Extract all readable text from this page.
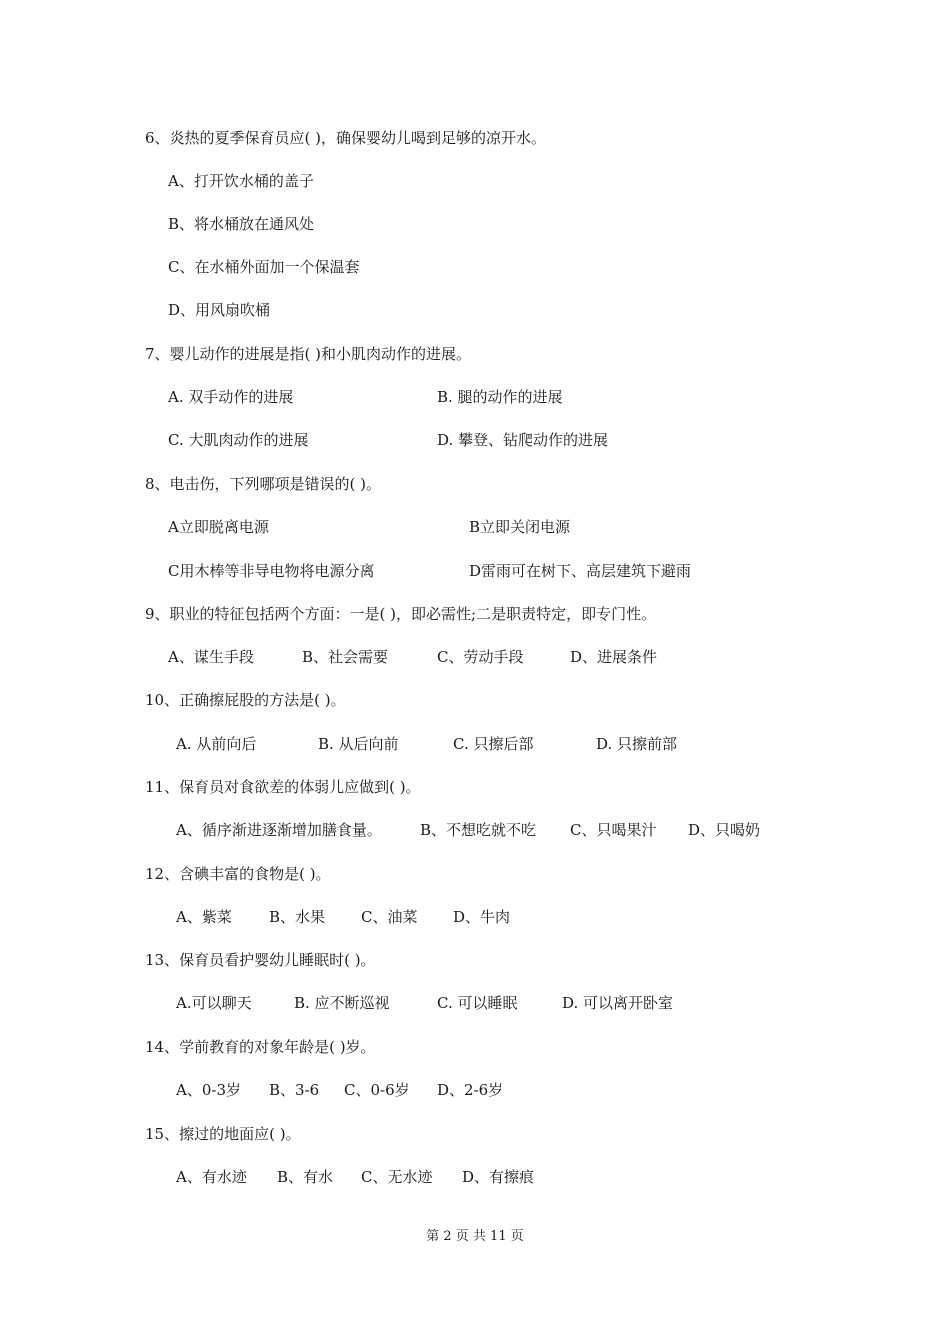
6、炎热的夏季保育员应( )，确保婴幼儿喝到足够的凉开水。
A、打开饮水桶的盖子
B、将水桶放在通风处
C、在水桶外面加一个保温套
D、用风扇吹桶
7、婴儿动作的进展是指( )和小肌肉动作的进展。
A. 双手动作的进展	B. 腿的动作的进展
C. 大肌肉动作的进展	D. 攀登、钻爬动作的进展
8、电击伤，下列哪项是错误的( )。
A立即脱离电源	B立即关闭电源
C用木棒等非导电物将电源分离	D雷雨可在树下、高层建筑下避雨
9、职业的特征包括两个方面：一是( )，即必需性;二是职责特定，即专门性。
A、谋生手段	B、社会需要	C、劳动手段	D、进展条件
10、正确擦屁股的方法是( )。
A. 从前向后	B. 从后向前	C. 只擦后部	D. 只擦前部
11、保育员对食欲差的体弱儿应做到( )。
A、循序渐进逐渐增加膳食量。	B、不想吃就不吃 C、只喝果汁 D、只喝奶
12、含碘丰富的食物是( )。
A、紫菜 B、水果 C、油菜 D、牛肉
13、保育员看护婴幼儿睡眠时( )。
A.可以聊天	B. 应不断巡视	C. 可以睡眠	D. 可以离开卧室
14、学前教育的对象年龄是( )岁。
A、0-3岁 B、3-6 C、0-6岁 D、2-6岁
15、擦过的地面应( )。
A、有水迹 B、有水 C、无水迹 D、有擦痕
第 2 页 共 11 页
